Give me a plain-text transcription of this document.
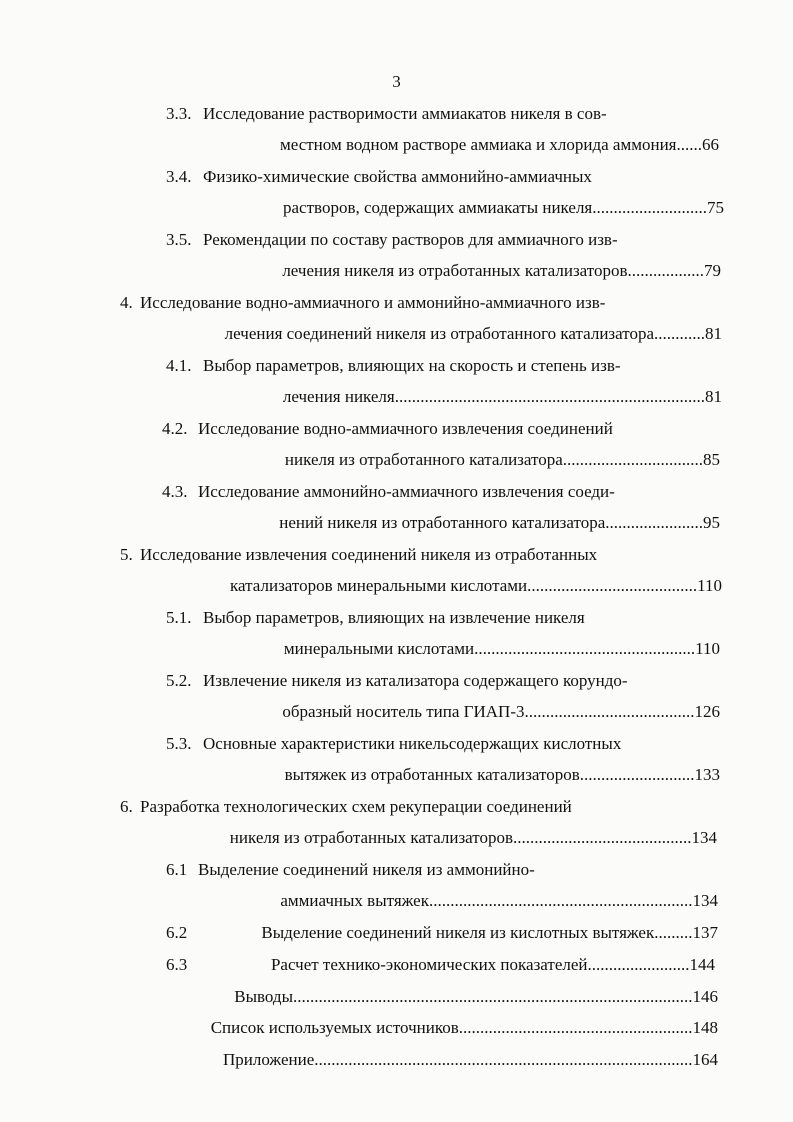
3
3.3. Исследование растворимости аммиакатов никеля в сов-
местном водном растворе аммиака и хлорида аммония......66
3.4. Физико-химические свойства аммонийно-аммиачных
растворов, содержащих аммиакаты никеля...........................75
3.5. Рекомендации по составу растворов для аммиачного изв-
лечения никеля из отработанных катализаторов..................79
4. Исследование водно-аммиачного и аммонийно-аммиачного изв-
лечения соединений никеля из отработанного катализатора............81
4.1. Выбор параметров, влияющих на скорость и степень изв-
лечения никеля.........................................................................81
4.2. Исследование водно-аммиачного извлечения соединений
никеля из отработанного катализатора.................................85
4.3. Исследование аммонийно-аммиачного извлечения соеди-
нений никеля из отработанного катализатора.......................95
5. Исследование извлечения соединений никеля из отработанных
катализаторов минеральными кислотами........................................110
5.1. Выбор параметров, влияющих на извлечение никеля
минеральными кислотами....................................................110
5.2. Извлечение никеля из катализатора содержащего корундо-
образный носитель типа ГИАП-3........................................126
5.3. Основные характеристики никельсодержащих кислотных
вытяжек из отработанных катализаторов...........................133
6. Разработка технологических схем рекуперации соединений
никеля из отработанных катализаторов..........................................134
6.1 Выделение соединений никеля из аммонийно-
аммиачных вытяжек..............................................................134
6.2	Выделение соединений никеля из кислотных вытяжек.........137
6.3	Расчет технико-экономических показателей........................144
Выводы..............................................................................................146
Список используемых источников.......................................................148
Приложение.........................................................................................164
